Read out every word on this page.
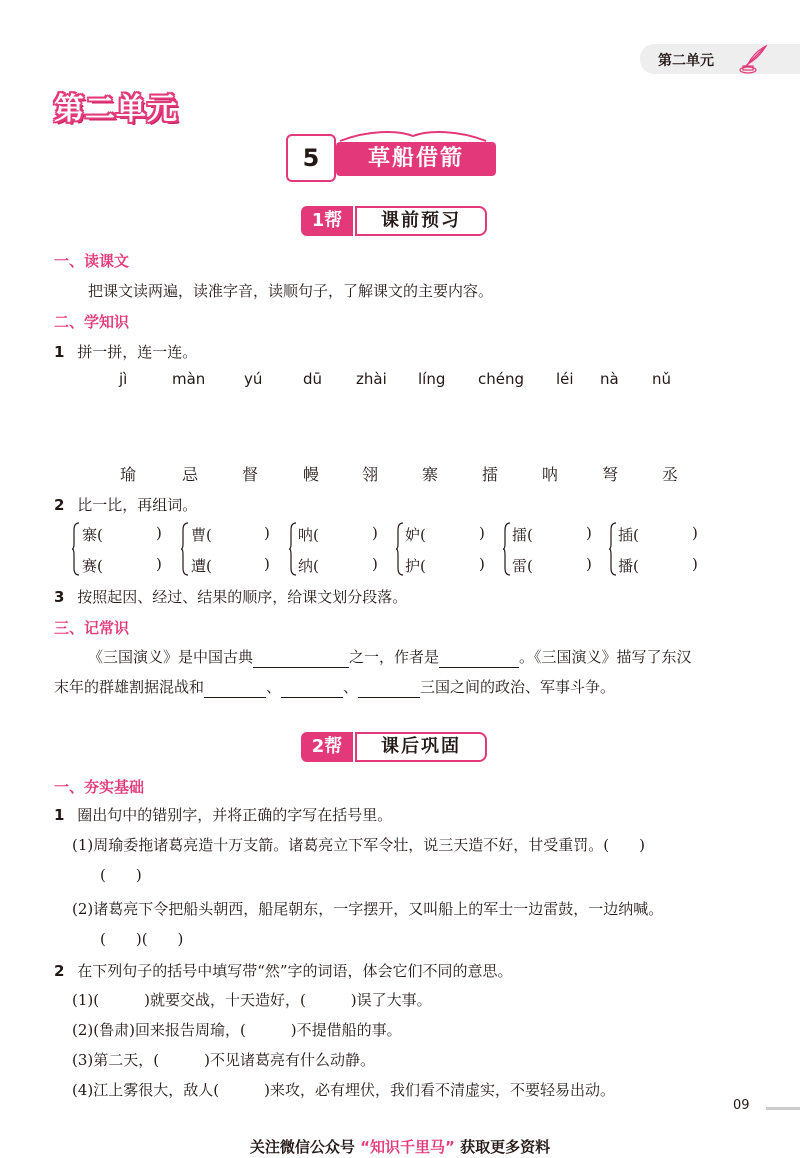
第二单元
第二单元
5	草船借箭
1帮	课前预习
一、读课文
把课文读两遍，读准字音，读顺句子，了解课文的主要内容。
二、学知识
1 拼一拼，连一连。
jì	màn	yú	dū zhài líng chéng léi nà nǔ
瑜	忌	督	幔	翎	寨	擂	呐	弩	丞
2 比一比，再组词。
寨(	)
赛(	)
曹(	)
遭(	)
呐(	)
纳(	)
妒(	)
护(	)
擂(	)
雷(	)
插(	)
播(	)
3 按照起因、经过、结果的顺序，给课文划分段落。
三、记常识
《三国演义》是中国古典	之一，作者是	。《三国演义》描写了东汉
末年的群雄割据混战和	、	、	三国之间的政治、军事斗争。
2帮	课后巩固
一、夯实基础
1 圈出句中的错别字，并将正确的字写在括号里。
(1)周瑜委拖诸葛亮造十万支箭。诸葛亮立下军令壮，说三天造不好，甘受重罚。(　　)
(　　)
(2)诸葛亮下令把船头朝西，船尾朝东，一字摆开，又叫船上的军士一边雷鼓，一边纳喊。
(　　)(　　)
2 在下列句子的括号中填写带“然”字的词语，体会它们不同的意思。
(1)(　　　)就要交战，十天造好，(　　　)误了大事。
(2)(鲁肃)回来报告周瑜，(　　　)不提借船的事。
(3)第二天，(　　　)不见诸葛亮有什么动静。
(4)江上雾很大，敌人(　　　)来攻，必有埋伏，我们看不清虚实，不要轻易出动。
09
关注微信公众号 “知识千里马” 获取更多资料
